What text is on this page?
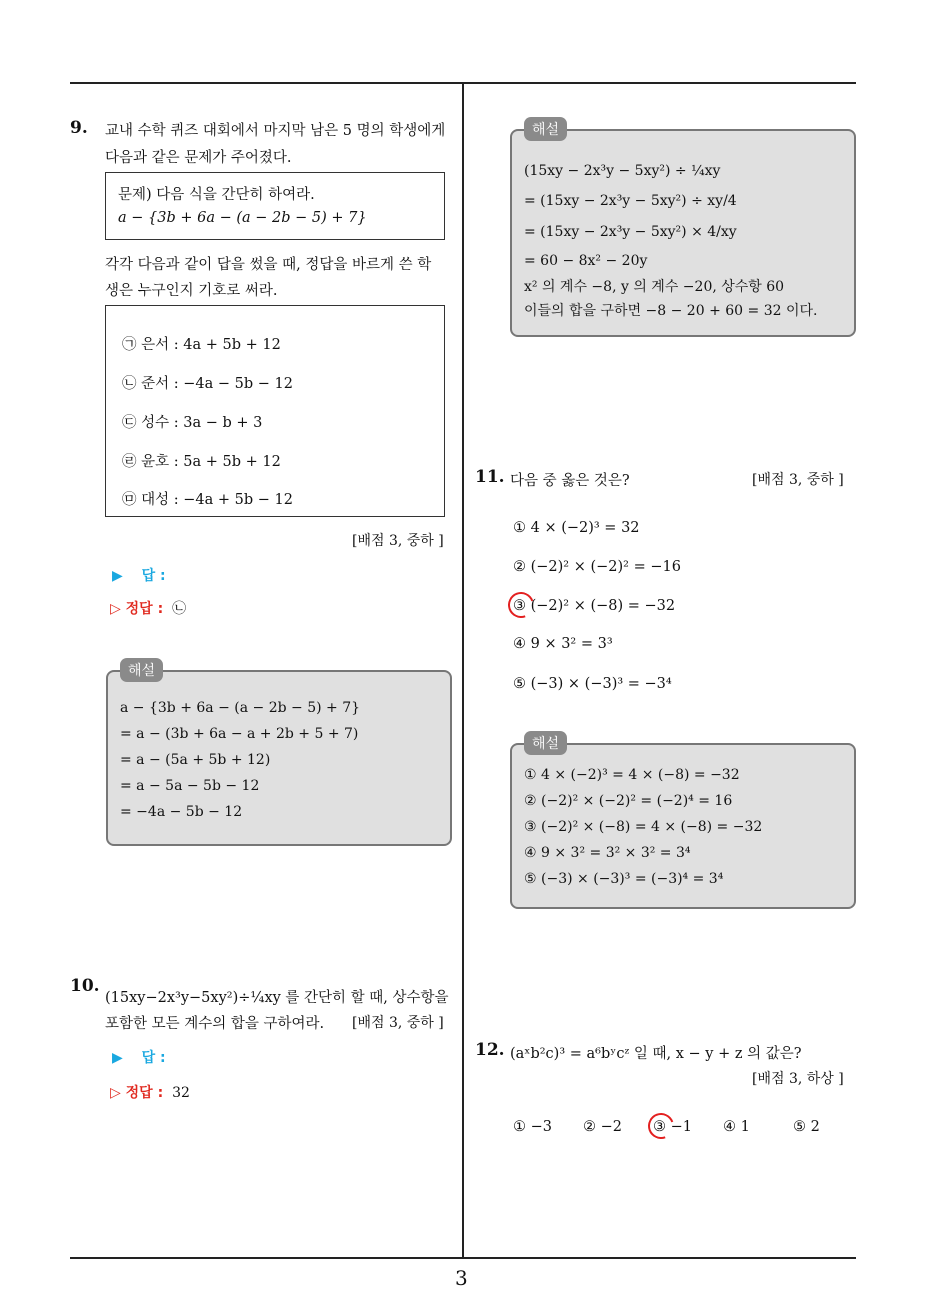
9. 교내 수학 퀴즈 대회에서 마지막 남은 5 명의 학생에게
다음과 같은 문제가 주어졌다.
문제) 다음 식을 간단히 하여라.
a − {3b + 6a − (a − 2b − 5) + 7}
각각 다음과 같이 답을 썼을 때, 정답을 바르게 쓴 학
생은 누구인지 기호로 써라.
㉠ 은서 : 4a + 5b + 12
㉡ 준서 : −4a − 5b − 12
㉢ 성수 : 3a − b + 3
㉣ 윤호 : 5a + 5b + 12
㉤ 대성 : −4a + 5b − 12
[배점 3, 중하 ]
▶ 답 :
▷ 정답 : ㉡
a − {3b + 6a − (a − 2b − 5) + 7}
= a − (3b + 6a − a + 2b + 5 + 7)
= a − (5a + 5b + 12)
= a − 5a − 5b − 12
= −4a − 5b − 12
해설
10.
(15xy−2x³y−5xy²)÷¼xy 를 간단히 할 때, 상수항을
포함한 모든 계수의 합을 구하여라. [배점 3, 중하 ]
▶ 답 :
▷ 정답 : 32
(15xy − 2x³y − 5xy²) ÷ ¼xy
= (15xy − 2x³y − 5xy²) ÷ xy/4
= (15xy − 2x³y − 5xy²) × 4/xy
= 60 − 8x² − 20y
x² 의 계수 −8, y 의 계수 −20, 상수항 60
이들의 합을 구하면 −8 − 20 + 60 = 32 이다.
해설
11. 다음 중 옳은 것은?	[배점 3, 중하 ]
① 4 × (−2)³ = 32
② (−2)² × (−2)² = −16
③ (−2)² × (−8) = −32
④ 9 × 3² = 3³
⑤ (−3) × (−3)³ = −3⁴
① 4 × (−2)³ = 4 × (−8) = −32
② (−2)² × (−2)² = (−2)⁴ = 16
③ (−2)² × (−8) = 4 × (−8) = −32
④ 9 × 3² = 3² × 3² = 3⁴
⑤ (−3) × (−3)³ = (−3)⁴ = 3⁴
해설
12. (aˣb²c)³ = a⁶bʸcᶻ 일 때, x − y + z 의 값은?
[배점 3, 하상 ]
① −3 ② −2 ③ −1 ④ 1	⑤ 2
3
